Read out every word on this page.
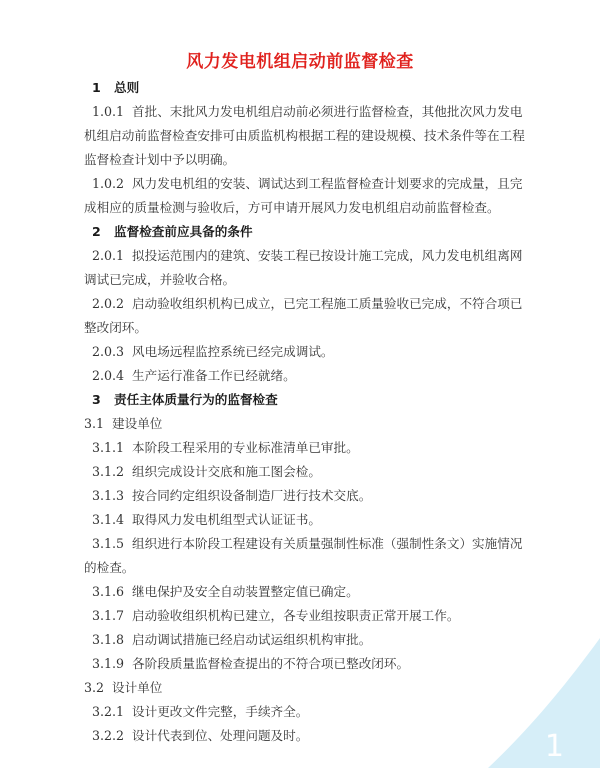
风力发电机组启动前监督检查
1 总则
1.0.1 首批、末批风力发电机组启动前必须进行监督检查，其他批次风力发电
机组启动前监督检查安排可由质监机构根据工程的建设规模、技术条件等在工程
监督检查计划中予以明确。
1.0.2 风力发电机组的安装、调试达到工程监督检查计划要求的完成量，且完
成相应的质量检测与验收后，方可申请开展风力发电机组启动前监督检查。
2 监督检查前应具备的条件
2.0.1 拟投运范围内的建筑、安装工程已按设计施工完成，风力发电机组离网
调试已完成，并验收合格。
2.0.2 启动验收组织机构已成立，已完工程施工质量验收已完成，不符合项已
整改闭环。
2.0.3 风电场远程监控系统已经完成调试。
2.0.4 生产运行准备工作已经就绪。
3 责任主体质量行为的监督检查
3.1 建设单位
3.1.1 本阶段工程采用的专业标准清单已审批。
3.1.2 组织完成设计交底和施工图会检。
3.1.3 按合同约定组织设备制造厂进行技术交底。
3.1.4 取得风力发电机组型式认证证书。
3.1.5 组织进行本阶段工程建设有关质量强制性标准（强制性条文）实施情况
的检查。
3.1.6 继电保护及安全自动装置整定值已确定。
3.1.7 启动验收组织机构已建立，各专业组按职责正常开展工作。
3.1.8 启动调试措施已经启动试运组织机构审批。
3.1.9 各阶段质量监督检查提出的不符合项已整改闭环。
3.2 设计单位
3.2.1 设计更改文件完整，手续齐全。
3.2.2 设计代表到位、处理问题及时。	1
